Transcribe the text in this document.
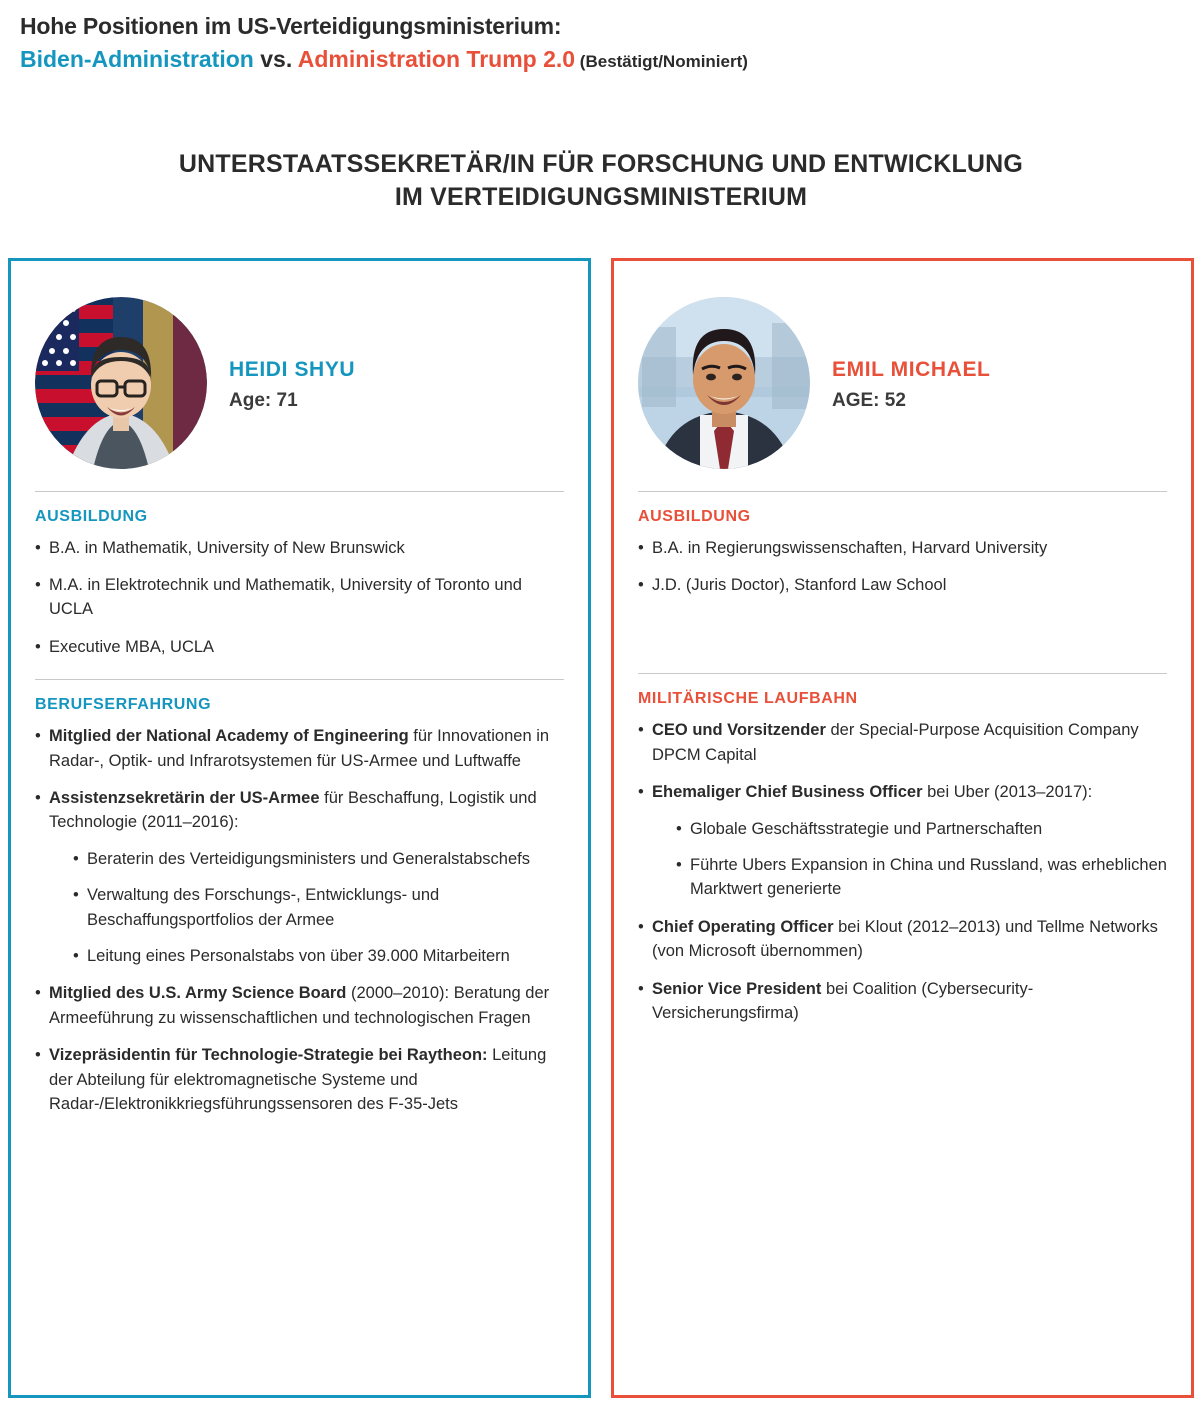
Hohe Positionen im US-Verteidigungsministerium:
Biden-Administration vs. Administration Trump 2.0 (Bestätigt/Nominiert)
UNTERSTAATSSEKRETÄR/IN FÜR FORSCHUNG UND ENTWICKLUNG
IM VERTEIDIGUNGSMINISTERIUM
HEIDI SHYU
Age: 71
AUSBILDUNG
• B.A. in Mathematik, University of New Brunswick
• M.A. in Elektrotechnik und Mathematik, University of Toronto und UCLA
• Executive MBA, UCLA
BERUFSERFAHRUNG
• Mitglied der National Academy of Engineering für Innovationen in Radar-, Optik- und Infrarotsystemen für US-Armee und Luftwaffe
• Assistenzsekretärin der US-Armee für Beschaffung, Logistik und Technologie (2011–2016):
• Beraterin des Verteidigungsministers und Generalstabschefs
• Verwaltung des Forschungs-, Entwicklungs- und Beschaffungsportfolios der Armee
• Leitung eines Personalstabs von über 39.000 Mitarbeitern
• Mitglied des U.S. Army Science Board (2000–2010): Beratung der Armeeführung zu wissenschaftlichen und technologischen Fragen
• Vizepräsidentin für Technologie-Strategie bei Raytheon: Leitung der Abteilung für elektromagnetische Systeme und Radar-/Elektronikkriegsführungssensoren des F-35-Jets
EMIL MICHAEL
AGE: 52
AUSBILDUNG
• B.A. in Regierungswissenschaften, Harvard University
• J.D. (Juris Doctor), Stanford Law School
MILITÄRISCHE LAUFBAHN
• CEO und Vorsitzender der Special-Purpose Acquisition Company DPCM Capital
• Ehemaliger Chief Business Officer bei Uber (2013–2017):
• Globale Geschäftsstrategie und Partnerschaften
• Führte Ubers Expansion in China und Russland, was erheblichen Marktwert generierte
• Chief Operating Officer bei Klout (2012–2013) und Tellme Networks (von Microsoft übernommen)
• Senior Vice President bei Coalition (Cybersecurity-Versicherungsfirma)
